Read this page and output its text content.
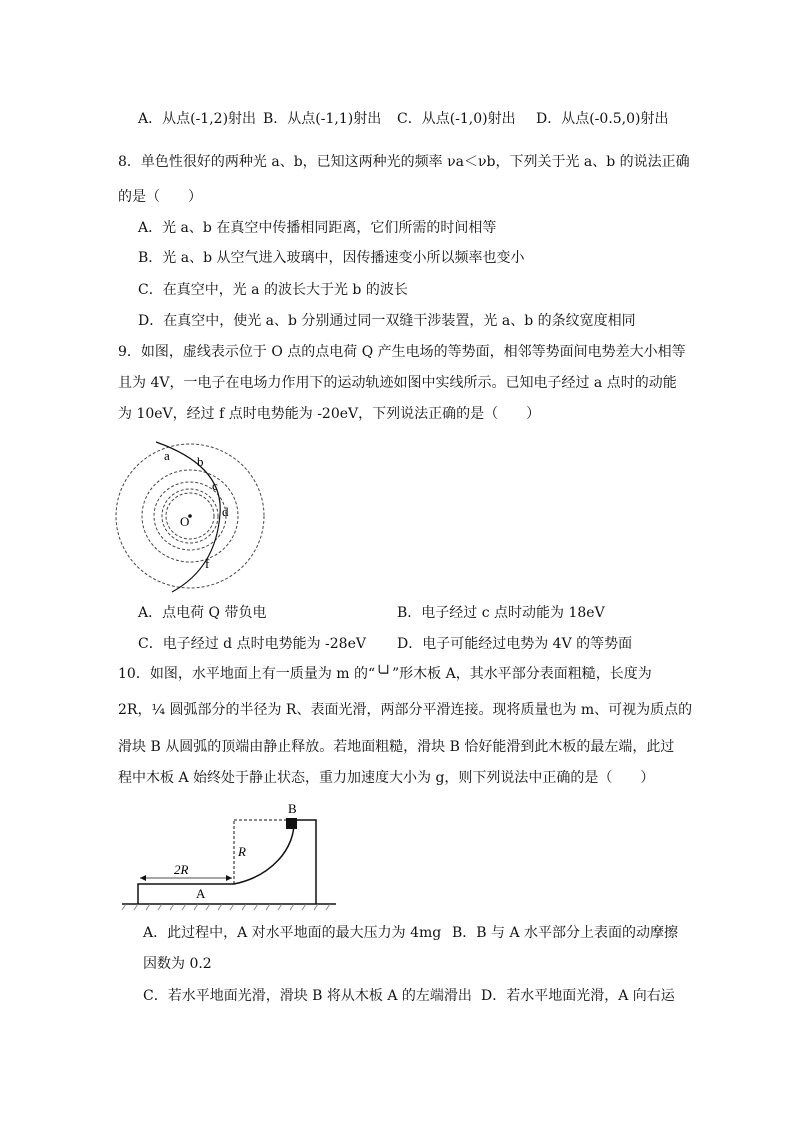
A．从点(-1,2)射出 B．从点(-1,1)射出 C．从点(-1,0)射出 D．从点(-0.5,0)射出
8．单色性很好的两种光 a、b，已知这两种光的频率 νa＜νb，下列关于光 a、b 的说法正确
的是（　　）
A．光 a、b 在真空中传播相同距离，它们所需的时间相等
B．光 a、b 从空气进入玻璃中，因传播速变小所以频率也变小
C．在真空中，光 a 的波长大于光 b 的波长
D．在真空中，使光 a、b 分别通过同一双缝干涉装置，光 a、b 的条纹宽度相同
9．如图，虚线表示位于 O 点的点电荷 Q 产生电场的等势面，相邻等势面间电势差大小相等
且为 4V，一电子在电场力作用下的运动轨迹如图中实线所示。已知电子经过 a 点时的动能
为 10eV，经过 f 点时电势能为 -20eV，下列说法正确的是（　　）
a b
c
d
O
f
A．点电荷 Q 带负电	B．电子经过 c 点时动能为 18eV
C．电子经过 d 点时电势能为 -28eV D．电子可能经过电势为 4V 的等势面
10．如图，水平地面上有一质量为 m 的“╰┘”形木板 A，其水平部分表面粗糙，长度为
2R，¼ 圆弧部分的半径为 R、表面光滑，两部分平滑连接。现将质量也为 m、可视为质点的
滑块 B 从圆弧的顶端由静止释放。若地面粗糙，滑块 B 恰好能滑到此木板的最左端，此过
程中木板 A 始终处于静止状态，重力加速度大小为 g，则下列说法中正确的是（　　）
B
R
2R
A
A．此过程中，A 对水平地面的最大压力为 4mg B．B 与 A 水平部分上表面的动摩擦
因数为 0.2
C．若水平地面光滑，滑块 B 将从木板 A 的左端滑出 D．若水平地面光滑，A 向右运
